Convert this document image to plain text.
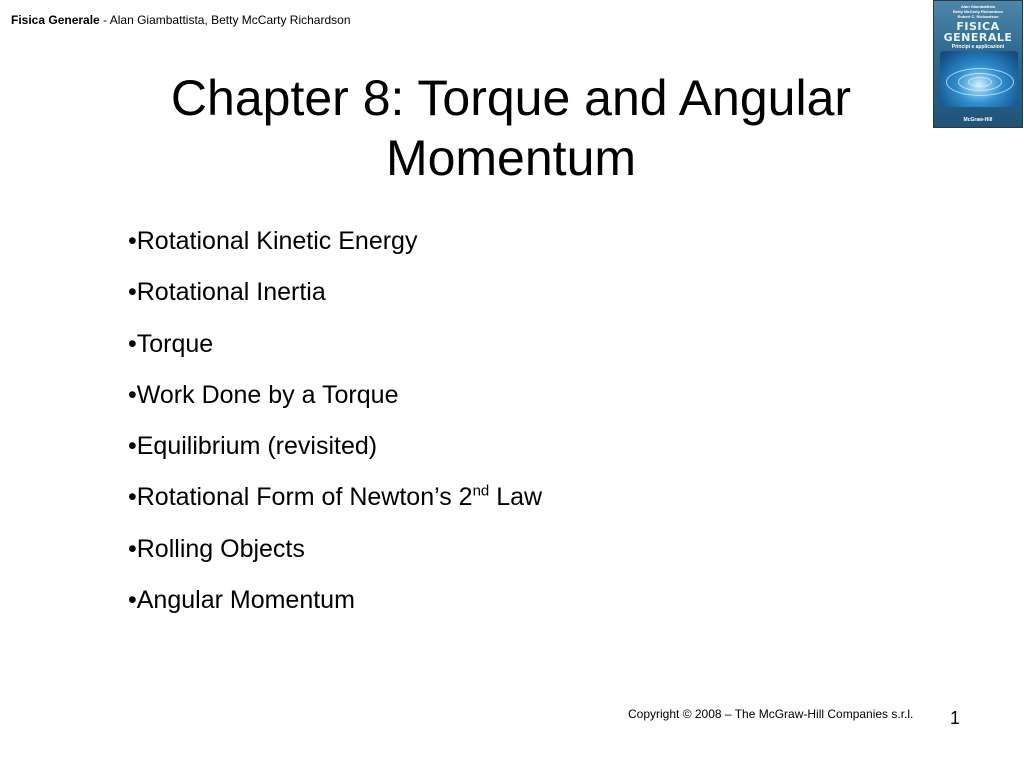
Fisica Generale - Alan Giambattista, Betty McCarty Richardson
Chapter 8: Torque and Angular
Momentum
Alan Giambattista
Betty McCarty Richardson
Robert C. Richardson
FISICA
GENERALE
Principi e applicazioni
McGraw-Hill
•Rotational Kinetic Energy
•Rotational Inertia
•Torque
•Work Done by a Torque
•Equilibrium (revisited)
•Rotational Form of Newton’s 2nd Law
•Rolling Objects
•Angular Momentum
Copyright © 2008 – The McGraw-Hill Companies s.r.l. 1
